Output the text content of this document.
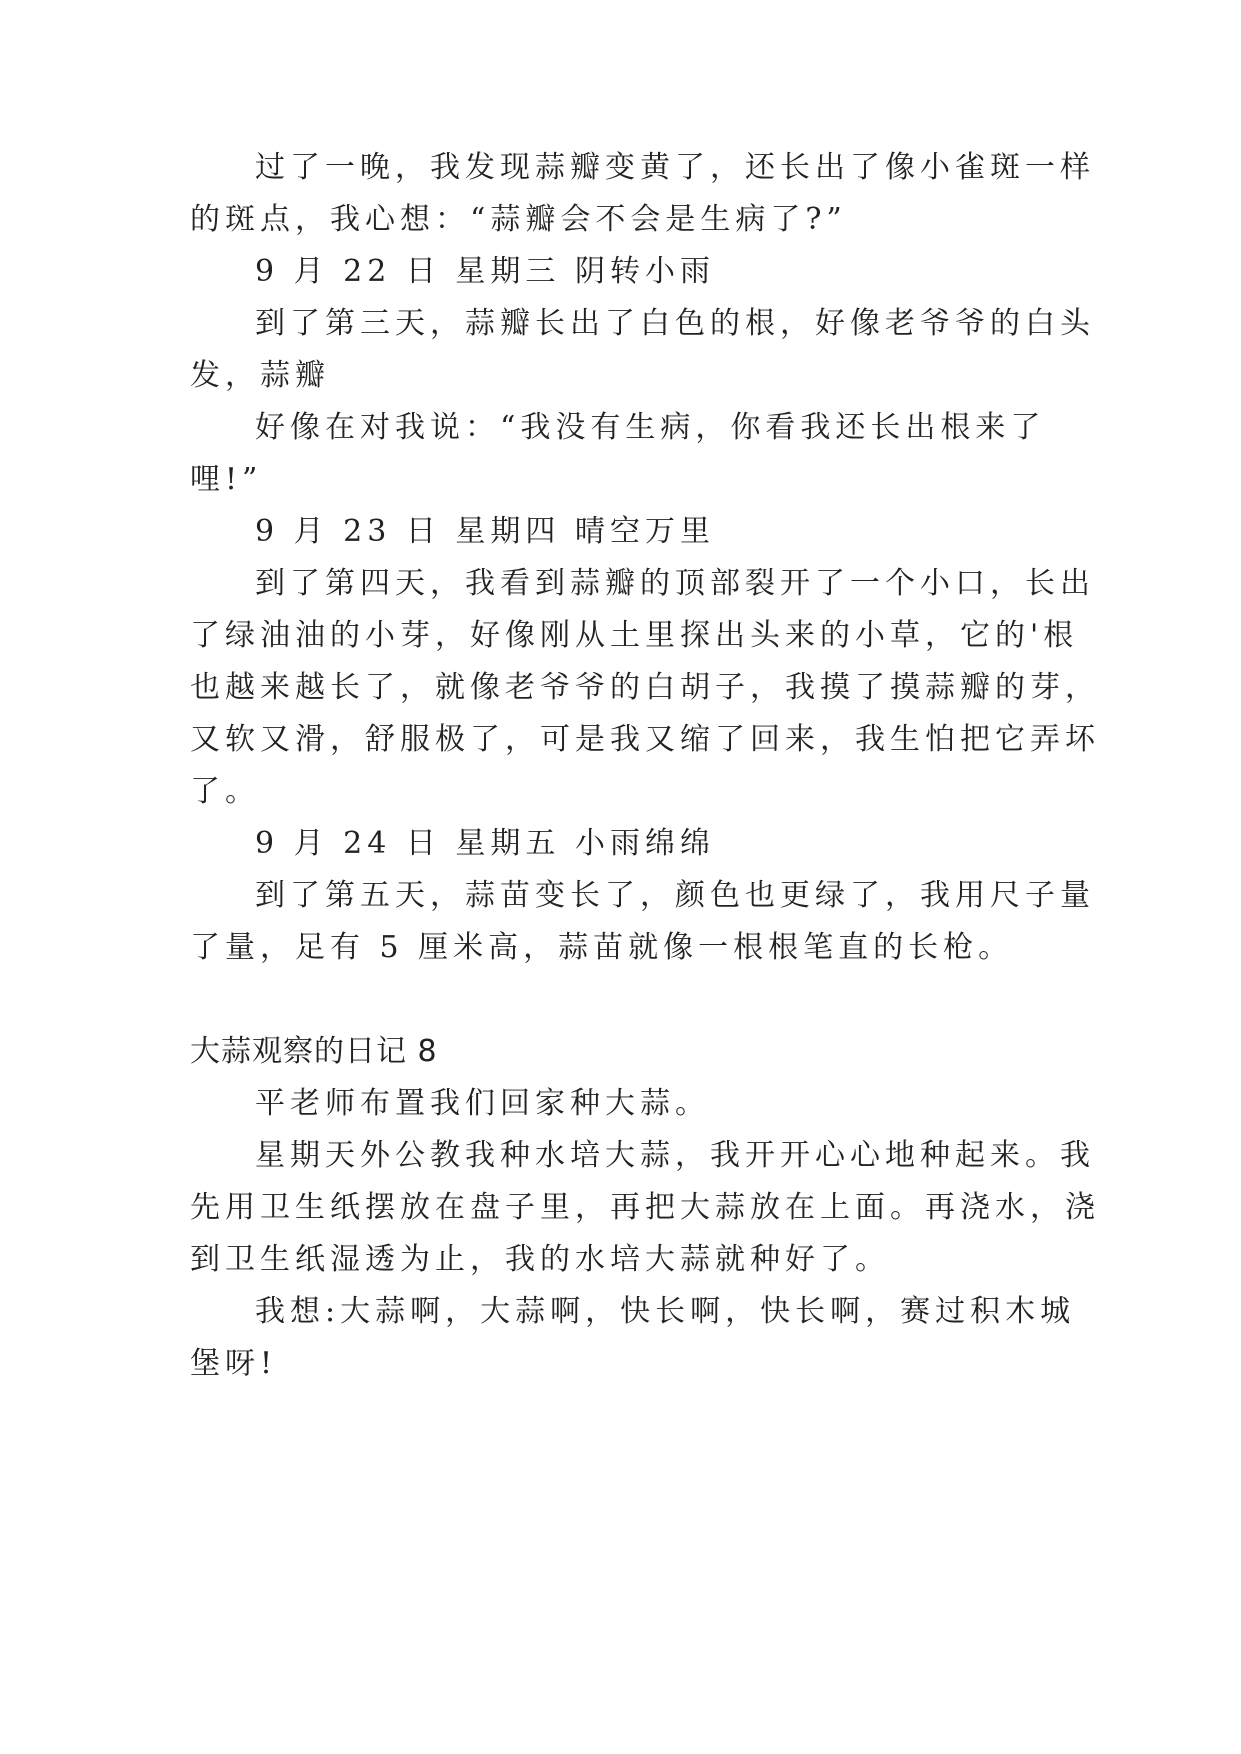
过了一晚，我发现蒜瓣变黄了，还长出了像小雀斑一样
的斑点，我心想：“蒜瓣会不会是生病了?”
9 月 22 日 星期三 阴转小雨
到了第三天，蒜瓣长出了白色的根，好像老爷爷的白头
发，蒜瓣
好像在对我说：“我没有生病，你看我还长出根来了
哩!”
9 月 23 日 星期四 晴空万里
到了第四天，我看到蒜瓣的顶部裂开了一个小口，长出
了绿油油的小芽，好像刚从土里探出头来的小草，它的'根
也越来越长了，就像老爷爷的白胡子，我摸了摸蒜瓣的芽，
又软又滑，舒服极了，可是我又缩了回来，我生怕把它弄坏
了。
9 月 24 日 星期五 小雨绵绵
到了第五天，蒜苗变长了，颜色也更绿了，我用尺子量
了量，足有 5 厘米高，蒜苗就像一根根笔直的长枪。
大蒜观察的日记 8
平老师布置我们回家种大蒜。
星期天外公教我种水培大蒜，我开开心心地种起来。我
先用卫生纸摆放在盘子里，再把大蒜放在上面。再浇水，浇
到卫生纸湿透为止，我的水培大蒜就种好了。
我想:大蒜啊，大蒜啊，快长啊，快长啊，赛过积木城
堡呀!
